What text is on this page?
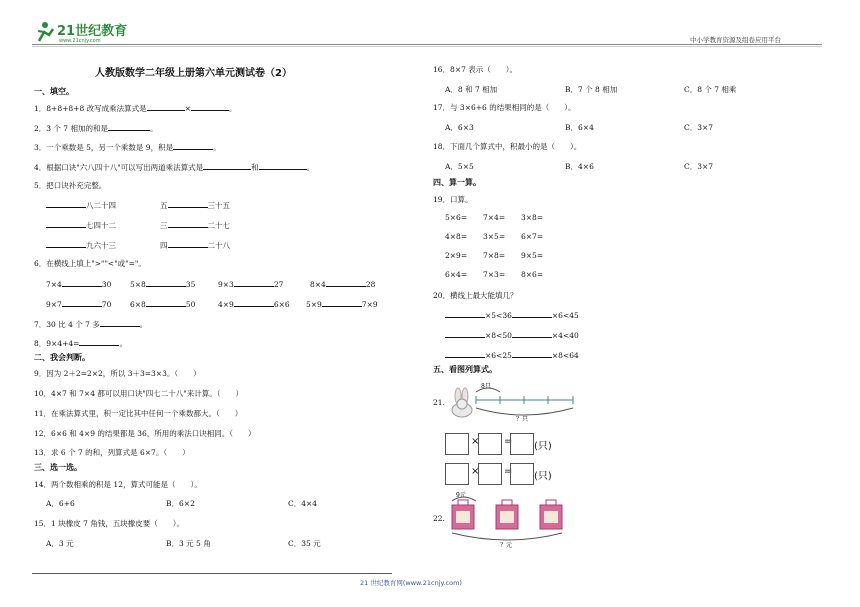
21世纪教育
www.21cnjy.com	中小学教育资源及组卷应用平台
人教版数学二年级上册第六单元测试卷（2）
一、填空。
1．8+8+8+8 改写成乘法算式是	×	。
2．3 个 7 相加的和是	。
3．一个乘数是 5，另一个乘数是 9，积是	。
4．根据口诀"六八四十八"可以写出两道乘法算式是	和	。
5．把口诀补充完整。
八二十四	五	三十五
七四十二	三	二十七
九六十三	四	二十八
6．在横线上填上">""<"或"="。
7×4	30 5×8	35	9×3	27	8×4	28
9×7	70 6×8	50	4×9	6×6 5×9	7×9
7．30 比 4 个 7 多	。
8．9×4+4=	。
二、我会判断。
9．因为 2＋2=2×2，所以 3＋3=3×3。（　　）
10．4×7 和 7×4 都可以用口诀"四七二十八"来计算。（　　）
11．在乘法算式里，积一定比其中任何一个乘数都大。（　　）
12．6×6 和 4×9 的结果都是 36，所用的乘法口诀相同。（　　）
13．求 6 个 7 的和，列算式是 6×7。（　　）
三、选一选。
14．两个数相乘的积是 12，算式可能是（　　）。
A．6+6	B．6×2	C．4×4
15．1 块橡皮 7 角钱，五块橡皮要（　　）。
A．3 元	B．3 元 5 角	C．35 元
16．8×7 表示（　　）。
A．8 和 7 相加	B．7 个 8 相加	C．8 个 7 相乘
17．与 3×6+6 的结果相同的是（　　）。
A．6×3	B．6×4	C．3×7
18．下面几个算式中，积最小的是（　　）。
A．5×5	B．4×6	C．3×7
四、算一算。
19．口算。
5×6= 7×4= 3×8=
4×8= 3×5= 6×7=
2×9= 7×8= 9×5=
6×4= 7×3= 8×6=
20．横线上最大能填几？
×5<36	×6<45
×8<50	×4<40
×6<25	×8<64
五、看图列算式。
21.
8只
？只
× = (只)
× = (只)
22.
9元
？元
21 世纪教育网(www.21cnjy.com)
